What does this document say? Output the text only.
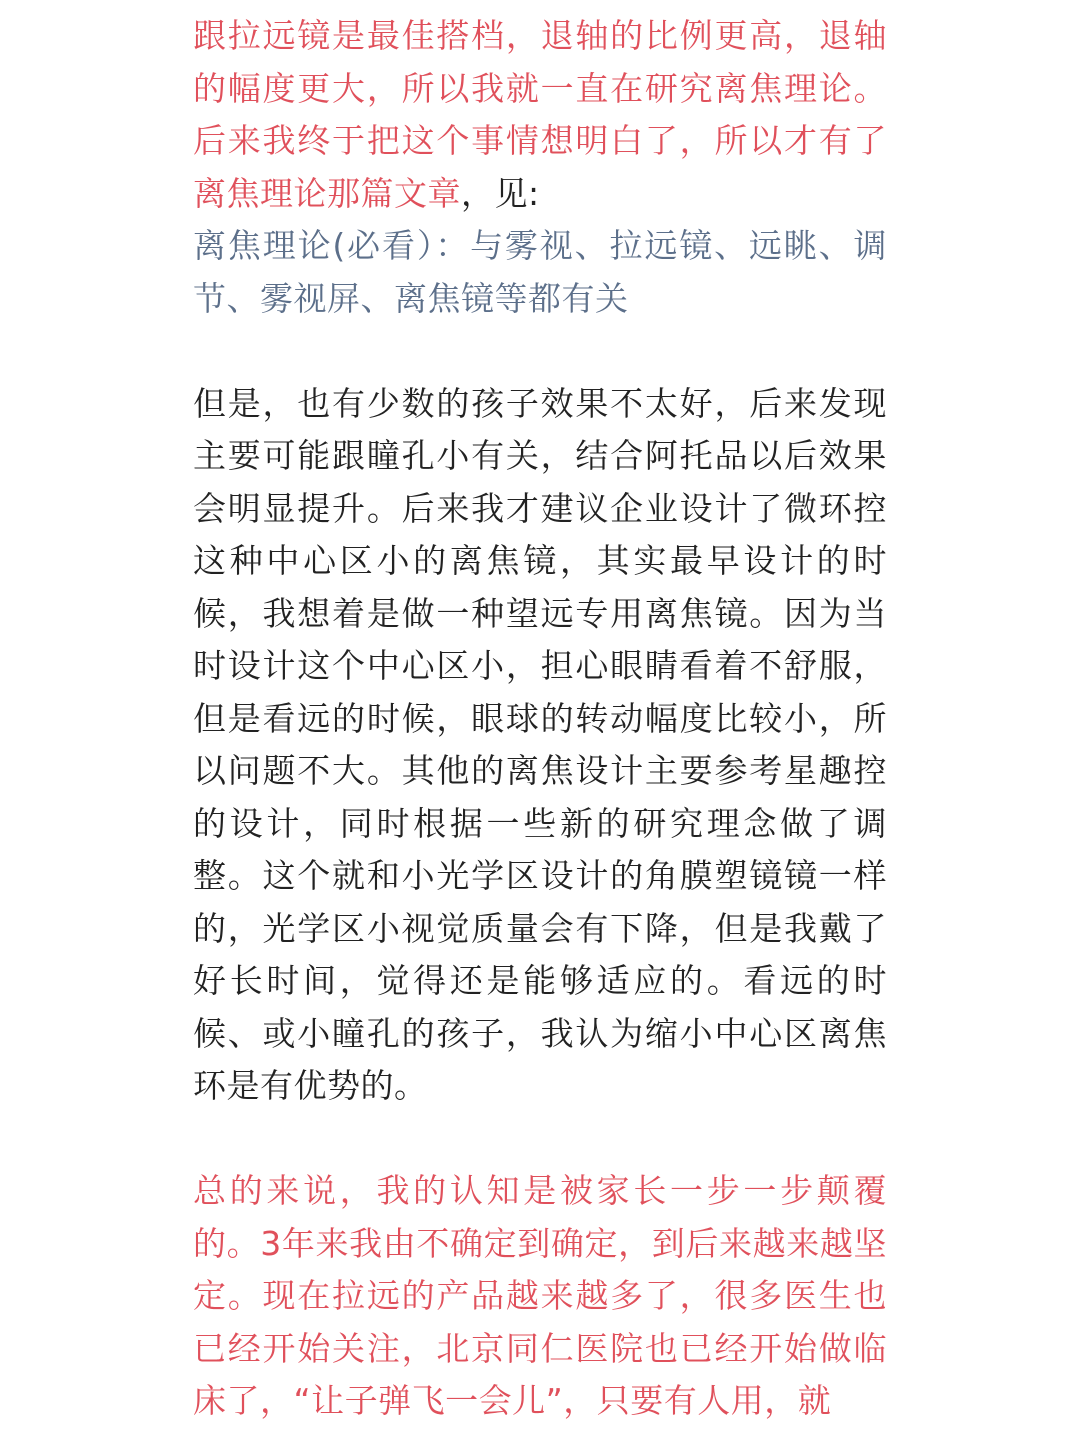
跟拉远镜是最佳搭档，退轴的比例更高，退轴的幅度更大，所以我就一直在研究离焦理论。后来我终于把这个事情想明白了，所以才有了离焦理论那篇文章，见:
离焦理论(必看）：与雾视、拉远镜、远眺、调节、雾视屏、离焦镜等都有关

但是，也有少数的孩子效果不太好，后来发现主要可能跟瞳孔小有关，结合阿托品以后效果会明显提升。后来我才建议企业设计了微环控这种中心区小的离焦镜，其实最早设计的时候，我想着是做一种望远专用离焦镜。因为当时设计这个中心区小，担心眼睛看着不舒服，但是看远的时候，眼球的转动幅度比较小，所以问题不大。其他的离焦设计主要参考星趣控的设计，同时根据一些新的研究理念做了调整。这个就和小光学区设计的角膜塑镜镜一样的，光学区小视觉质量会有下降，但是我戴了好长时间，觉得还是能够适应的。看远的时候、或小瞳孔的孩子，我认为缩小中心区离焦环是有优势的。

总的来说，我的认知是被家长一步一步颠覆的。3年来我由不确定到确定，到后来越来越坚定。现在拉远的产品越来越多了，很多医生也已经开始关注，北京同仁医院也已经开始做临床了，“让子弹飞一会儿”，只要有人用，就
